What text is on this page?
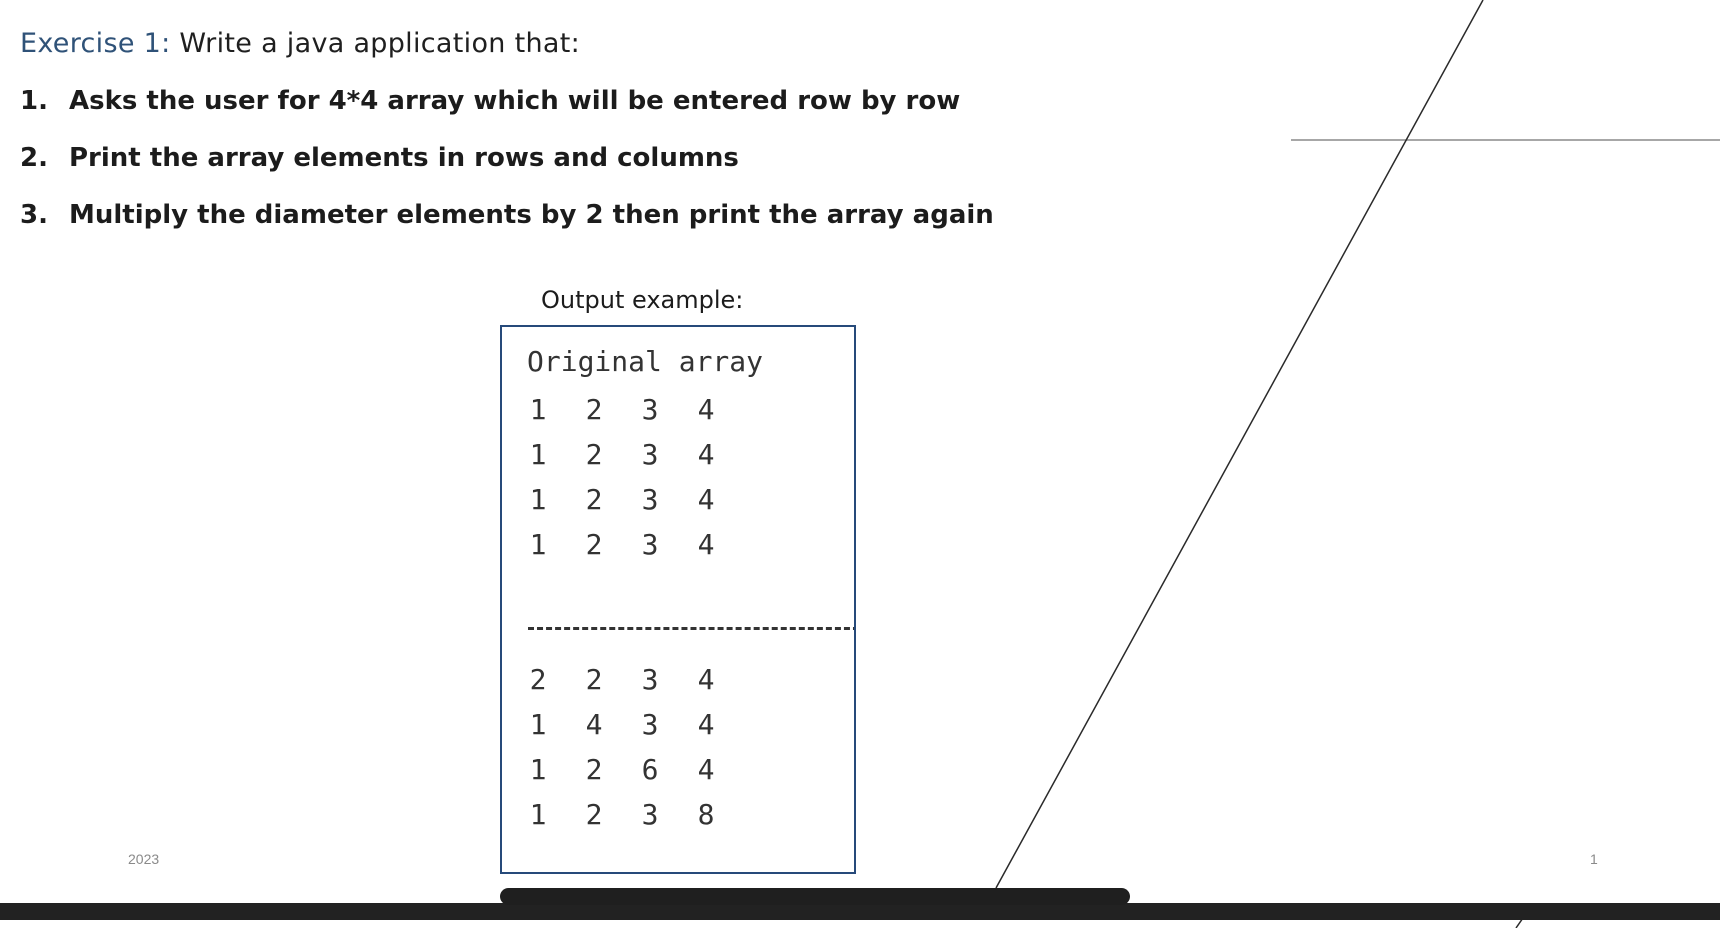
Exercise 1: Write a java application that:
1. Asks the user for 4*4 array which will be entered row by row
2. Print the array elements in rows and columns
3. Multiply the diameter elements by 2 then print the array again
Output example:
Original array
1 2 3 4
1 2 3 4
1 2 3 4
1 2 3 4
2 2 3 4
1 4 3 4
1 2 6 4
1 2 3 8
2023	1
